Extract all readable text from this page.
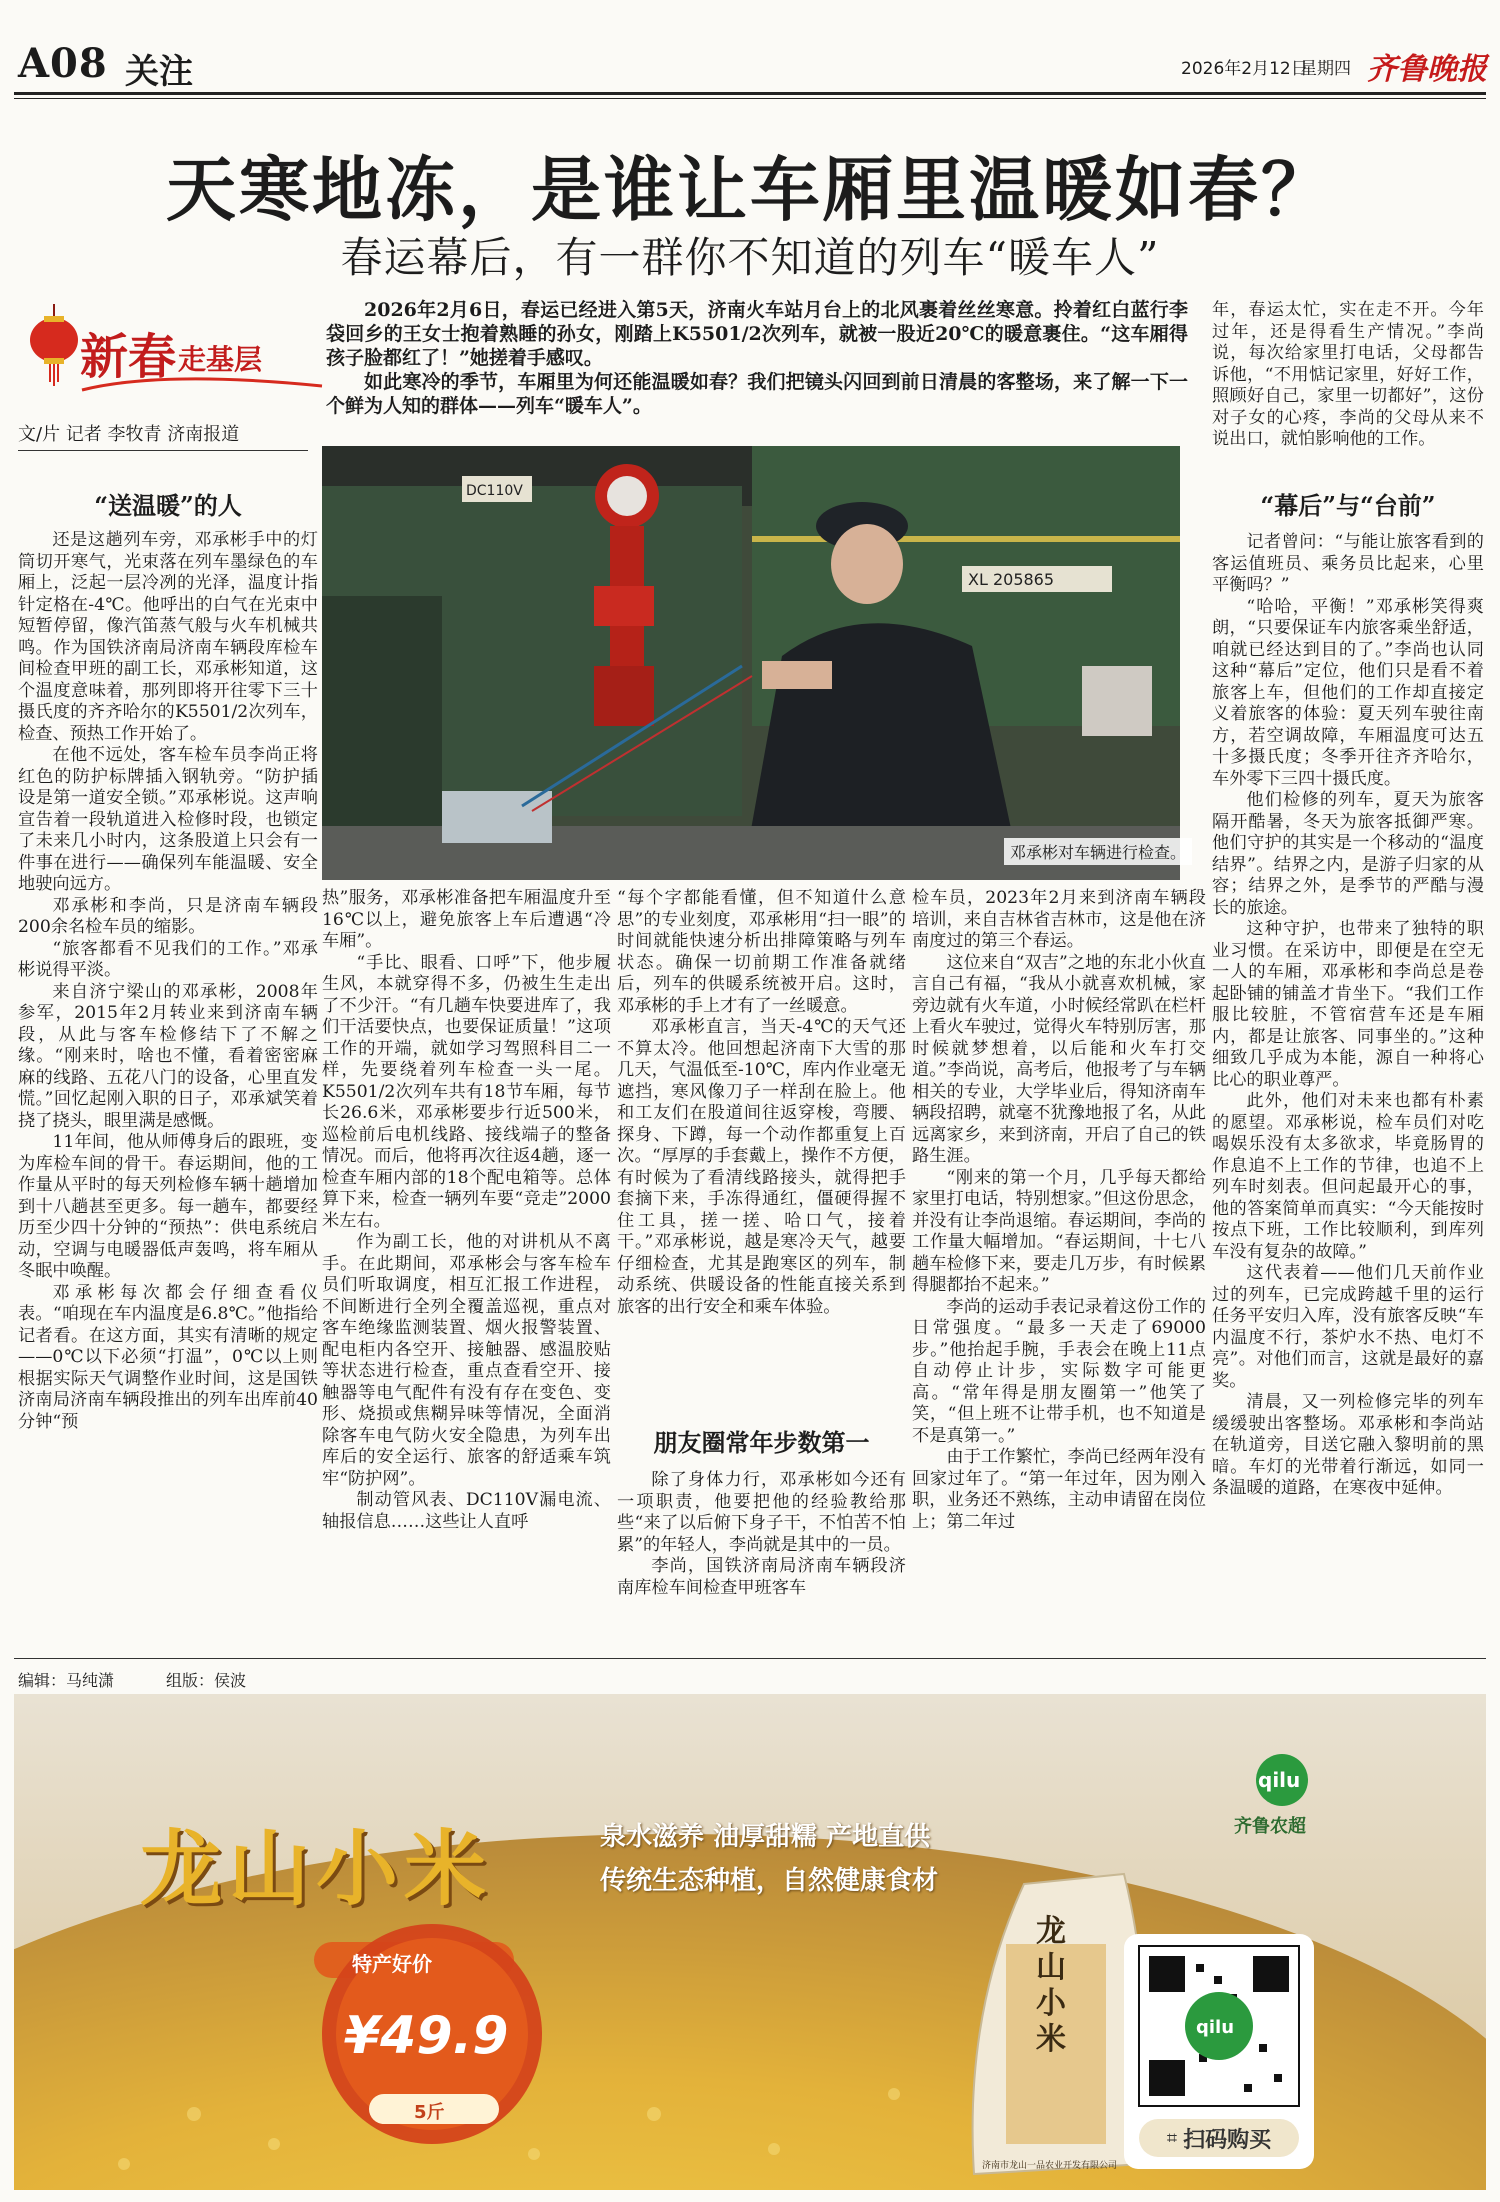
A08 关注	2026年2月12日
星期四 齐鲁晚报
天寒地冻，是谁让车厢里温暖如春？
春运幕后，有一群你不知道的列车“暖车人”
新春 走基层
文/片 记者 李牧青 济南报道

2026年2月6日，春运已经进入第5天，济南火车站月台上的北风裹着丝丝寒意。拎着红白蓝行李袋回乡的王女士抱着熟睡的孙女，刚踏上K5501/2次列车，就被一股近20℃的暖意裹住。“这车厢得孩子脸都红了！”她搓着手感叹。

如此寒冷的季节，车厢里为何还能温暖如春？我们把镜头闪回到前日清晨的客整场，来了解一下一个鲜为人知的群体——列车“暖车人”。

DC110V
XL 205865
邓承彬对车辆进行检查。
“送温暖”的人

还是这趟列车旁，邓承彬手中的灯筒切开寒气，光束落在列车墨绿色的车厢上，泛起一层冷冽的光泽，温度计指针定格在-4℃。他呼出的白气在光束中短暂停留，像汽笛蒸气般与火车机械共鸣。作为国铁济南局济南车辆段库检车间检查甲班的副工长，邓承彬知道，这个温度意味着，那列即将开往零下三十摄氏度的齐齐哈尔的K5501/2次列车，检查、预热工作开始了。

在他不远处，客车检车员李尚正将红色的防护标牌插入钢轨旁。“防护插设是第一道安全锁。”邓承彬说。这声响宣告着一段轨道进入检修时段，也锁定了未来几小时内，这条股道上只会有一件事在进行——确保列车能温暖、安全地驶向远方。

邓承彬和李尚，只是济南车辆段200余名检车员的缩影。

“旅客都看不见我们的工作。”邓承彬说得平淡。

来自济宁梁山的邓承彬，2008年参军，2015年2月转业来到济南车辆段，从此与客车检修结下了不解之缘。“刚来时，啥也不懂，看着密密麻麻的线路、五花八门的设备，心里直发慌。”回忆起刚入职的日子，邓承斌笑着挠了挠头，眼里满是感慨。

11年间，他从师傅身后的跟班，变为库检车间的骨干。春运期间，他的工作量从平时的每天列检修车辆十趟增加到十八趟甚至更多。每一趟车，都要经历至少四十分钟的“预热”：供电系统启动，空调与电暖器低声轰鸣，将车厢从冬眠中唤醒。

邓承彬每次都会仔细查看仪表。“咱现在车内温度是6.8℃。”他指给记者看。在这方面，其实有清晰的规定——0℃以下必须“打温”，0℃以上则根据实际天气调整作业时间，这是国铁济南局济南车辆段推出的列车出库前40分钟“预

热”服务，邓承彬准备把车厢温度升至16℃以上，避免旅客上车后遭遇“冷车厢”。

“手比、眼看、口呼”下，他步履生风，本就穿得不多，仍被生生走出了不少汗。“有几趟车快要进库了，我们干活要快点，也要保证质量！”这项工作的开端，就如学习驾照科目二一样，先要绕着列车检查一头一尾。K5501/2次列车共有18节车厢，每节长26.6米，邓承彬要步行近500米，巡检前后电机线路、接线端子的整备情况。而后，他将再次往返4趟，逐一检查车厢内部的18个配电箱等。总体算下来，检查一辆列车要“竞走”2000米左右。

作为副工长，他的对讲机从不离手。在此期间，邓承彬会与客车检车员们听取调度，相互汇报工作进程，不间断进行全列全覆盖巡视，重点对客车绝缘监测装置、烟火报警装置、配电柜内各空开、接触器、感温胶贴等状态进行检查，重点查看空开、接触器等电气配件有没有存在变色、变形、烧损或焦糊异味等情况，全面消除客车电气防火安全隐患，为列车出库后的安全运行、旅客的舒适乘车筑牢“防护网”。

制动管风表、DC110V漏电流、轴报信息……这些让人直呼

“每个字都能看懂，但不知道什么意思”的专业刻度，邓承彬用“扫一眼”的时间就能快速分析出排障策略与列车状态。确保一切前期工作准备就绪后，列车的供暖系统被开启。这时，邓承彬的手上才有了一丝暖意。

邓承彬直言，当天-4℃的天气还不算太冷。他回想起济南下大雪的那几天，气温低至-10℃，库内作业毫无遮挡，寒风像刀子一样刮在脸上。他和工友们在股道间往返穿梭，弯腰、探身、下蹲，每一个动作都重复上百次。“厚厚的手套戴上，操作不方便，有时候为了看清线路接头，就得把手套摘下来，手冻得通红，僵硬得握不住工具，搓一搓、哈口气，接着干。”邓承彬说，越是寒冷天气，越要仔细检查，尤其是跑寒区的列车，制动系统、供暖设备的性能直接关系到旅客的出行安全和乘车体验。

朋友圈常年步数第一

除了身体力行，邓承彬如今还有一项职责，他要把他的经验教给那些“来了以后俯下身子干，不怕苦不怕累”的年轻人，李尚就是其中的一员。

李尚，国铁济南局济南车辆段济南库检车间检查甲班客车

检车员，2023年2月来到济南车辆段培训，来自吉林省吉林市，这是他在济南度过的第三个春运。

这位来自“双吉”之地的东北小伙直言自己有福，“我从小就喜欢机械，家旁边就有火车道，小时候经常趴在栏杆上看火车驶过，觉得火车特别厉害，那时候就梦想着，以后能和火车打交道。”李尚说，高考后，他报考了与车辆相关的专业，大学毕业后，得知济南车辆段招聘，就毫不犹豫地报了名，从此远离家乡，来到济南，开启了自己的铁路生涯。

“刚来的第一个月，几乎每天都给家里打电话，特别想家。”但这份思念，并没有让李尚退缩。春运期间，李尚的工作量大幅增加。“春运期间，十七八趟车检修下来，要走几万步，有时候累得腿都抬不起来。”

李尚的运动手表记录着这份工作的日常强度。“最多一天走了69000步。”他抬起手腕，手表会在晚上11点自动停止计步，实际数字可能更高。“常年得是朋友圈第一”他笑了笑，“但上班不让带手机，也不知道是不是真第一。”

由于工作繁忙，李尚已经两年没有回家过年了。“第一年过年，因为刚入职，业务还不熟练，主动申请留在岗位上；第二年过

年，春运太忙，实在走不开。今年过年，还是得看生产情况。”李尚说，每次给家里打电话，父母都告诉他，“不用惦记家里，好好工作，照顾好自己，家里一切都好”，这份对子女的心疼，李尚的父母从来不说出口，就怕影响他的工作。

“幕后”与“台前”

记者曾问：“与能让旅客看到的客运值班员、乘务员比起来，心里平衡吗？”

“哈哈，平衡！”邓承彬笑得爽朗，“只要保证车内旅客乘坐舒适，咱就已经达到目的了。”李尚也认同这种“幕后”定位，他们只是看不着旅客上车，但他们的工作却直接定义着旅客的体验：夏天列车驶往南方，若空调故障，车厢温度可达五十多摄氏度；冬季开往齐齐哈尔，车外零下三四十摄氏度。

他们检修的列车，夏天为旅客隔开酷暑，冬天为旅客抵御严寒。他们守护的其实是一个移动的“温度结界”。结界之内，是游子归家的从容；结界之外，是季节的严酷与漫长的旅途。

这种守护，也带来了独特的职业习惯。在采访中，即便是在空无一人的车厢，邓承彬和李尚总是卷起卧铺的铺盖才肯坐下。“我们工作服比较脏，不管宿营车还是车厢内，都是让旅客、同事坐的。”这种细致几乎成为本能，源自一种将心比心的职业尊严。

此外，他们对未来也都有朴素的愿望。邓承彬说，检车员们对吃喝娱乐没有太多欲求，毕竟肠胃的作息追不上工作的节律，也追不上列车时刻表。但问起最开心的事，他的答案简单而真实：“今天能按时按点下班，工作比较顺利，到库列车没有复杂的故障。”

这代表着——他们几天前作业过的列车，已完成跨越千里的运行任务平安归入库，没有旅客反映“车内温度不行，茶炉水不热、电灯不亮”。对他们而言，这就是最好的嘉奖。

清晨，又一列检修完毕的列车缓缓驶出客整场。邓承彬和李尚站在轨道旁，目送它融入黎明前的黑暗。车灯的光带着行渐远，如同一条温暖的道路，在寒夜中延伸。

编辑：马纯潇	组版：侯波
qilu
龙山小米	泉水滋养 油厚甜糯 产地直供
传统生态种植，自然健康食材
特产好价
¥49.9
5斤
qilu
齐鲁农超
龙山小米
济南市龙山一品农业开发有限公司
⌗ 扫码购买
